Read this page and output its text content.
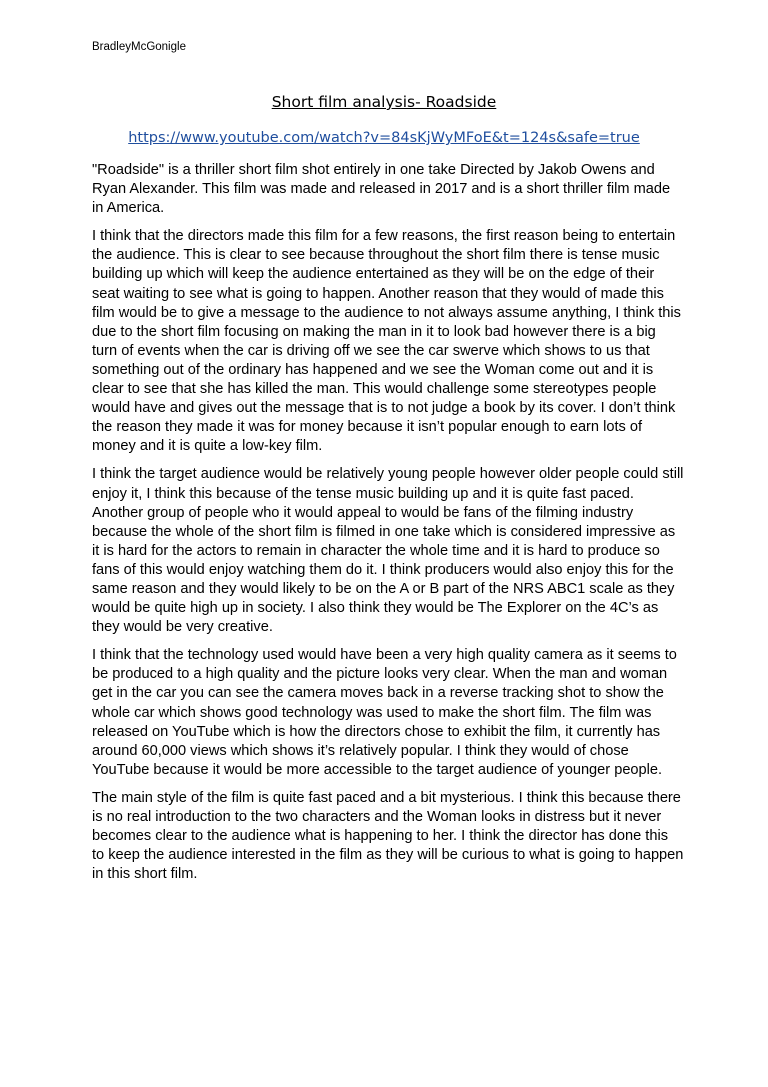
BradleyMcGonigle
Short film analysis- Roadside
https://www.youtube.com/watch?v=84sKjWyMFoE&t=124s&safe=true

"Roadside" is a thriller short film shot entirely in one take Directed by Jakob Owens and Ryan Alexander. This film was made and released in 2017 and is a short thriller film made in America.

I think that the directors made this film for a few reasons, the first reason being to entertain the audience. This is clear to see because throughout the short film there is tense music building up which will keep the audience entertained as they will be on the edge of their seat waiting to see what is going to happen. Another reason that they would of made this film would be to give a message to the audience to not always assume anything, I think this due to the short film focusing on making the man in it to look bad however there is a big turn of events when the car is driving off we see the car swerve which shows to us that something out of the ordinary has happened and we see the Woman come out and it is clear to see that she has killed the man. This would challenge some stereotypes people would have and gives out the message that is to not judge a book by its cover. I don’t think the reason they made it was for money because it isn’t popular enough to earn lots of money and it is quite a low-key film.

I think the target audience would be relatively young people however older people could still enjoy it, I think this because of the tense music building up and it is quite fast paced. Another group of people who it would appeal to would be fans of the filming industry because the whole of the short film is filmed in one take which is considered impressive as it is hard for the actors to remain in character the whole time and it is hard to produce so fans of this would enjoy watching them do it. I think producers would also enjoy this for the same reason and they would likely to be on the A or B part of the NRS ABC1 scale as they would be quite high up in society. I also think they would be The Explorer on the 4C’s as they would be very creative.

I think that the technology used would have been a very high quality camera as it seems to be produced to a high quality and the picture looks very clear. When the man and woman get in the car you can see the camera moves back in a reverse tracking shot to show the whole car which shows good technology was used to make the short film. The film was released on YouTube which is how the directors chose to exhibit the film, it currently has around 60,000 views which shows it’s relatively popular. I think they would of chose YouTube because it would be more accessible to the target audience of younger people.

The main style of the film is quite fast paced and a bit mysterious. I think this because there is no real introduction to the two characters and the Woman looks in distress but it never becomes clear to the audience what is happening to her. I think the director has done this to keep the audience interested in the film as they will be curious to what is going to happen in this short film.
